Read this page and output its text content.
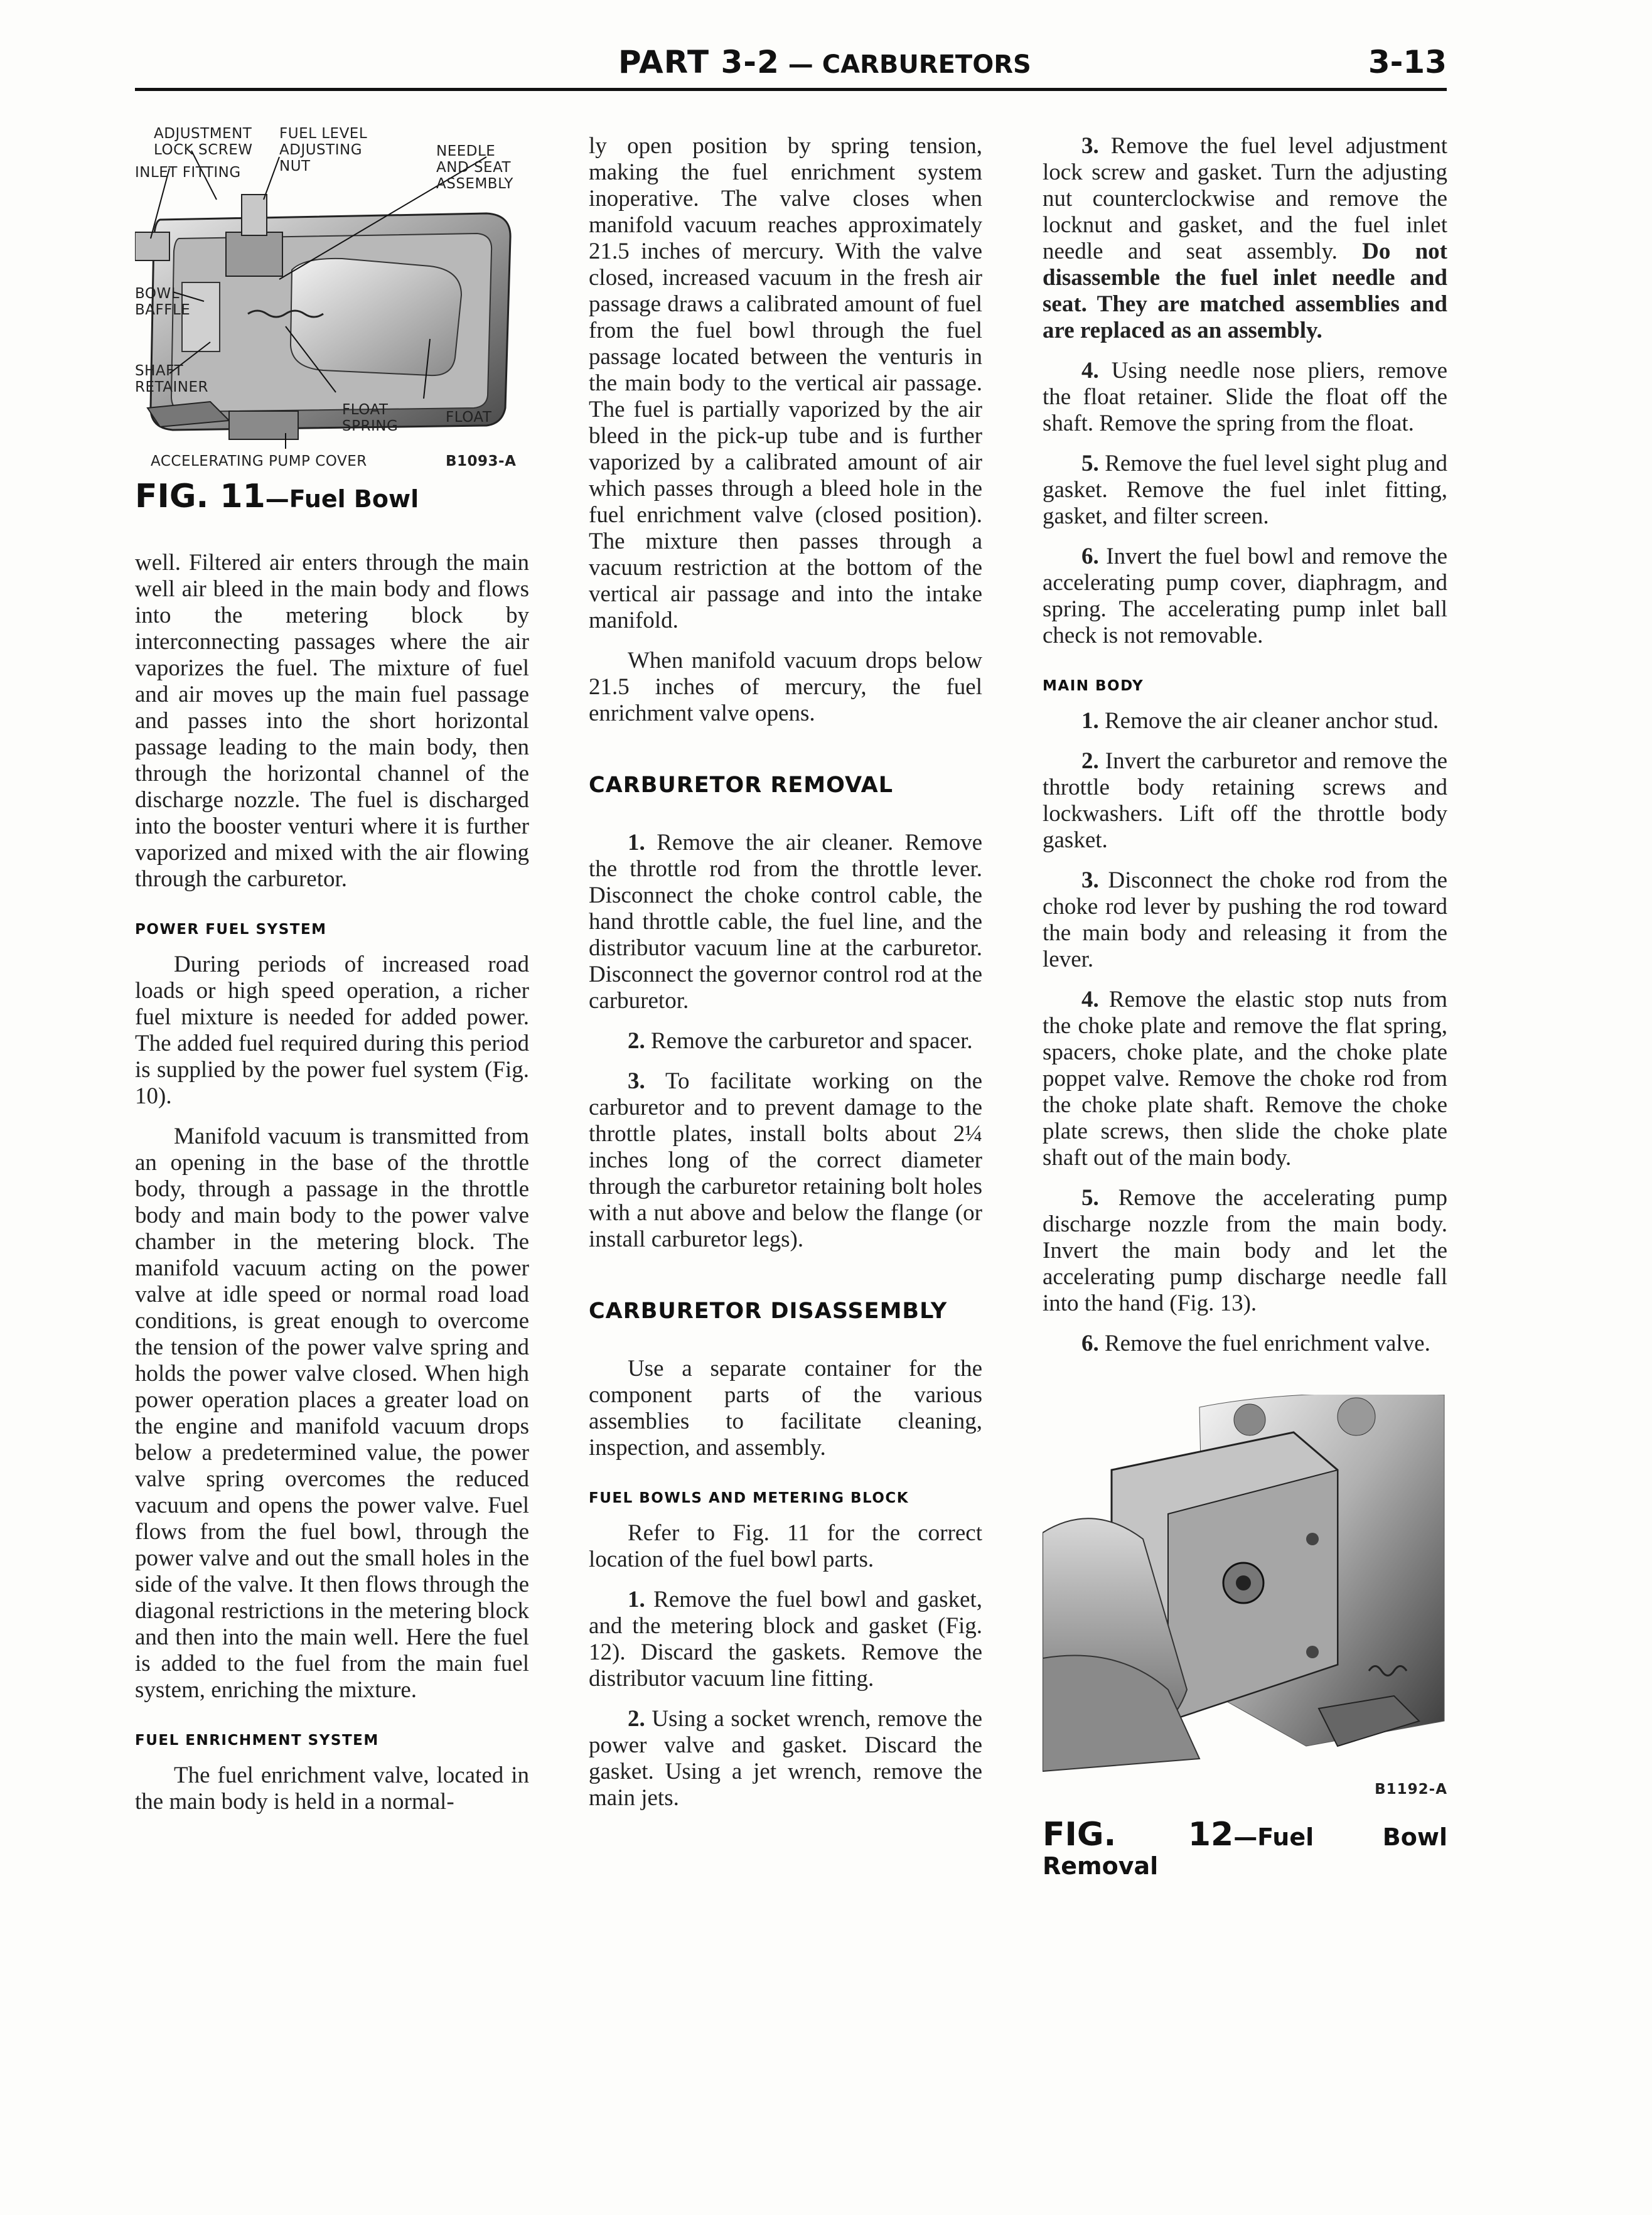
PART 3-2 — CARBURETORS	3-13
ADJUSTMENT
LOCK SCREW
FUEL LEVEL
ADJUSTING
NUT
NEEDLE
AND SEAT
ASSEMBLY
INLET FITTING
BOWL
BAFFLE
SHAFT
RETAINER
FLOAT
SPRING
FLOAT
ACCELERATING PUMP COVER	B1093-A
FIG. 11—Fuel Bowl

well. Filtered air enters through the main well air bleed in the main body and flows into the metering block by interconnecting passages where the air vaporizes the fuel. The mixture of fuel and air moves up the main fuel passage and passes into the short horizontal passage leading to the main body, then through the horizontal channel of the discharge nozzle. The fuel is discharged into the booster venturi where it is further vaporized and mixed with the air flowing through the carburetor.

POWER FUEL SYSTEM

During periods of increased road loads or high speed operation, a richer fuel mixture is needed for added power. The added fuel required during this period is supplied by the power fuel system (Fig. 10).

Manifold vacuum is transmitted from an opening in the base of the throttle body, through a passage in the throttle body and main body to the power valve chamber in the metering block. The manifold vacuum acting on the power valve at idle speed or normal road load conditions, is great enough to overcome the tension of the power valve spring and holds the power valve closed. When high power operation places a greater load on the engine and manifold vacuum drops below a predetermined value, the power valve spring overcomes the reduced vacuum and opens the power valve. Fuel flows from the fuel bowl, through the power valve and out the small holes in the side of the valve. It then flows through the diagonal restrictions in the metering block and then into the main well. Here the fuel is added to the fuel from the main fuel system, enriching the mixture.

FUEL ENRICHMENT SYSTEM

The fuel enrichment valve, located in the main body is held in a normal-

ly open position by spring tension, making the fuel enrichment system inoperative. The valve closes when manifold vacuum reaches approximately 21.5 inches of mercury. With the valve closed, increased vacuum in the fresh air passage draws a calibrated amount of fuel from the fuel bowl through the fuel passage located between the venturis in the main body to the vertical air passage. The fuel is partially vaporized by the air bleed in the pick-up tube and is further vaporized by a calibrated amount of air which passes through a bleed hole in the fuel enrichment valve (closed position). The mixture then passes through a vacuum restriction at the bottom of the vertical air passage and into the intake manifold.

When manifold vacuum drops below 21.5 inches of mercury, the fuel enrichment valve opens.

CARBURETOR REMOVAL

1. Remove the air cleaner. Remove the throttle rod from the throttle lever. Disconnect the choke control cable, the hand throttle cable, the fuel line, and the distributor vacuum line at the carburetor. Disconnect the governor control rod at the carburetor.

2. Remove the carburetor and spacer.

3. To facilitate working on the carburetor and to prevent damage to the throttle plates, install bolts about 2¼ inches long of the correct diameter through the carburetor retaining bolt holes with a nut above and below the flange (or install carburetor legs).

CARBURETOR DISASSEMBLY

Use a separate container for the component parts of the various assemblies to facilitate cleaning, inspection, and assembly.

FUEL BOWLS AND METERING BLOCK

Refer to Fig. 11 for the correct location of the fuel bowl parts.

1. Remove the fuel bowl and gasket, and the metering block and gasket (Fig. 12). Discard the gaskets. Remove the distributor vacuum line fitting.

2. Using a socket wrench, remove the power valve and gasket. Discard the gasket. Using a jet wrench, remove the main jets.

3. Remove the fuel level adjustment lock screw and gasket. Turn the adjusting nut counterclockwise and remove the locknut and gasket, and the fuel inlet needle and seat assembly. Do not disassemble the fuel inlet needle and seat. They are matched assemblies and are replaced as an assembly.

4. Using needle nose pliers, remove the float retainer. Slide the float off the shaft. Remove the spring from the float.

5. Remove the fuel level sight plug and gasket. Remove the fuel inlet fitting, gasket, and filter screen.

6. Invert the fuel bowl and remove the accelerating pump cover, diaphragm, and spring. The accelerating pump inlet ball check is not removable.

MAIN BODY

1. Remove the air cleaner anchor stud.

2. Invert the carburetor and remove the throttle body retaining screws and lockwashers. Lift off the throttle body gasket.

3. Disconnect the choke rod from the choke rod lever by pushing the rod toward the main body and releasing it from the lever.

4. Remove the elastic stop nuts from the choke plate and remove the flat spring, spacers, choke plate, and the choke plate poppet valve. Remove the choke rod from the choke plate shaft. Remove the choke plate screws, then slide the choke plate shaft out of the main body.

5. Remove the accelerating pump discharge nozzle from the main body. Invert the main body and let the accelerating pump discharge needle fall into the hand (Fig. 13).

6. Remove the fuel enrichment valve.

B1192-A
FIG. 12—Fuel Bowl Removal
